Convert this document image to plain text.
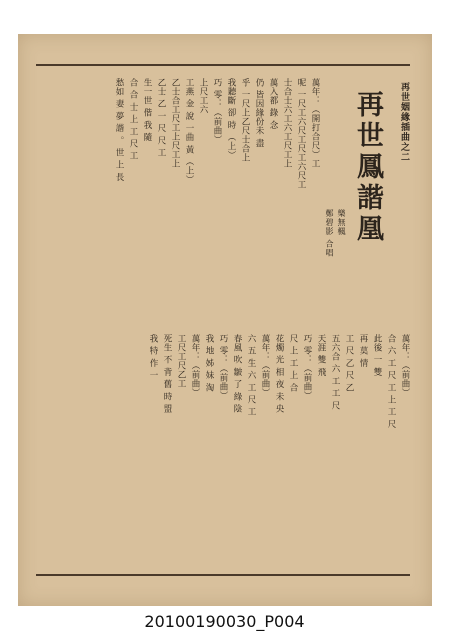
再世姻緣插曲之二
再世鳳諧凰
樂無楓
鄭碧影 合唱
萬年：（開打合尺）工
呢 一尺工六尺工尺工六尺工
士合士六工六工尺工上
萬入都 錄 念
仍 皆因緣份未 盡
乎 一尺上乙尺士合上
我聽斷 卻 時 （上）
巧 零：（前曲）
上尺工六
工燕 金 說 一曲 黃 （上）
乙士合工尺工上尺工上
乙士 乙 一 尺 尺 工
生一世 偕 我 隨
合 合 士 上 工 尺 工
愁如 妻 夢 諧 。 世 上 長
萬年：（前曲）
合 六 工 尺 工 上 工 尺
此後 一 雙
再 莫 情
工 尺 乙 尺 乙
五六合 六 工 工 尺
天涯 雙 飛
巧 零：（前曲）
尺 上 工 上 合
花燭 光 相 夜 未 央
萬年：（前曲）
六 五 生 六 工 尺 工
春風 吹 皺 了 綠 陰
巧 零：（前曲）
我 地 姊 妹 淘
萬年：（前曲）
工尺工尺乙工
死生 不 背 舊 時 盟
我 特 作 一
20100190030_P004
